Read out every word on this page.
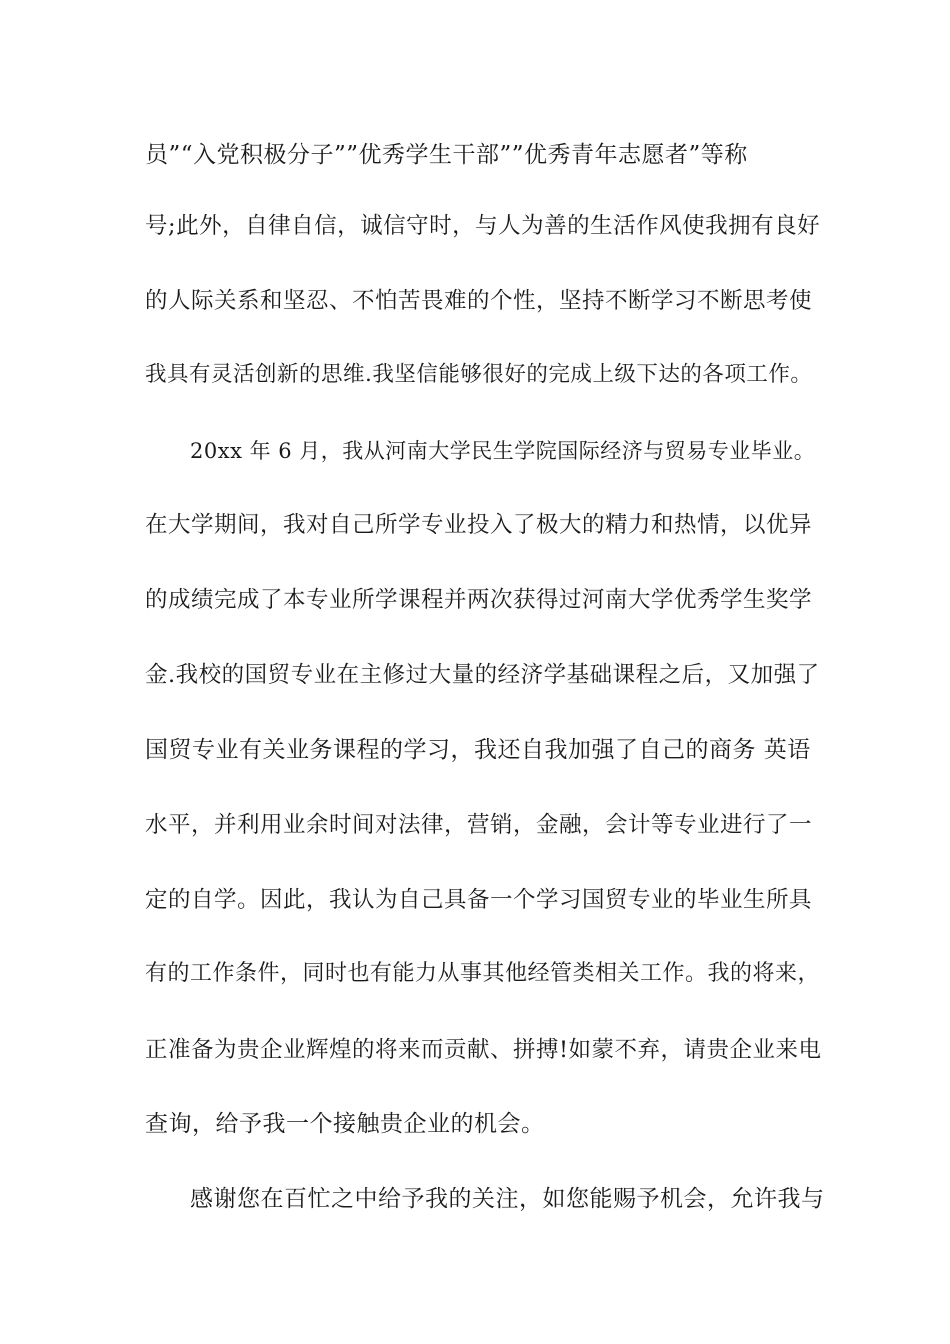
员”“入党积极分子””优秀学生干部””优秀青年志愿者”等称
号;此外，自律自信，诚信守时，与人为善的生活作风使我拥有良好
的人际关系和坚忍、不怕苦畏难的个性，坚持不断学习不断思考使
我具有灵活创新的思维.我坚信能够很好的完成上级下达的各项工作。
20xx 年 6 月，我从河南大学民生学院国际经济与贸易专业毕业。
在大学期间，我对自己所学专业投入了极大的精力和热情，以优异
的成绩完成了本专业所学课程并两次获得过河南大学优秀学生奖学
金.我校的国贸专业在主修过大量的经济学基础课程之后，又加强了
国贸专业有关业务课程的学习，我还自我加强了自己的商务 英语
水平，并利用业余时间对法律，营销，金融，会计等专业进行了一
定的自学。因此，我认为自己具备一个学习国贸专业的毕业生所具
有的工作条件，同时也有能力从事其他经管类相关工作。我的将来，
正准备为贵企业辉煌的将来而贡献、拼搏!如蒙不弃，请贵企业来电
查询，给予我一个接触贵企业的机会。
感谢您在百忙之中给予我的关注，如您能赐予机会，允许我与
